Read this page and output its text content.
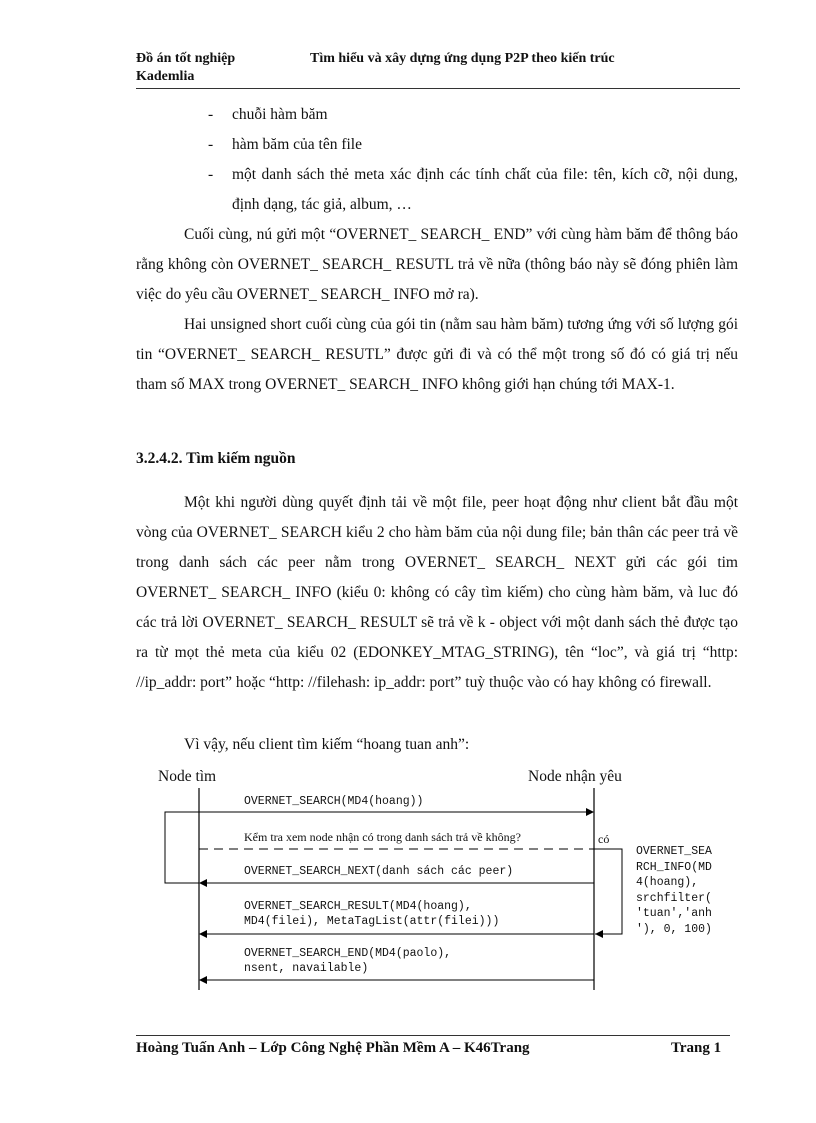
Đồ án tốt nghiệp	Tìm hiểu và xây dựng ứng dụng P2P theo kiến trúc
Kademlia
- chuỗi hàm băm
- hàm băm của tên file
- một danh sách thẻ meta xác định các tính chất của file: tên, kích cỡ, nội dung, định dạng, tác giả, album, …
Cuối cùng, nú gửi một “OVERNET_ SEARCH_ END” với cùng hàm băm để thông báo rằng không còn OVERNET_ SEARCH_ RESUTL trả về nữa (thông báo này sẽ đóng phiên làm việc do yêu cầu OVERNET_ SEARCH_ INFO mở ra).
Hai unsigned short cuối cùng của gói tin (nằm sau hàm băm) tương ứng với số lượng gói tin “OVERNET_ SEARCH_ RESUTL” được gửi đi và có thể một trong số đó có giá trị nếu tham số MAX trong OVERNET_ SEARCH_ INFO không giới hạn chúng tới MAX-1.
3.2.4.2. Tìm kiếm nguồn
Một khi người dùng quyết định tải về một file, peer hoạt động như client bắt đầu một vòng của OVERNET_ SEARCH kiểu 2 cho hàm băm của nội dung file; bản thân các peer trả về trong danh sách các peer nằm trong OVERNET_ SEARCH_ NEXT gửi các gói tim OVERNET_ SEARCH_ INFO (kiểu 0: không có cây tìm kiếm) cho cùng hàm băm, và luc đó các trả lời OVERNET_ SEARCH_ RESULT sẽ trả về k - object với một danh sách thẻ được tạo ra từ mọt thẻ meta của kiểu 02 (EDONKEY_MTAG_STRING), tên “loc”, và giá trị “http: //ip_addr: port” hoặc “http: //filehash: ip_addr: port” tuỳ thuộc vào có hay không có firewall.
Vì vậy, nếu client tìm kiếm “hoang tuan anh”:
Node tìm	Node nhận yêu
OVERNET_SEARCH(MD4(hoang))
Kểm tra xem node nhận có trong danh sách trả về không?	có
OVERNET_SEARCH_NEXT(danh sách các peer)
OVERNET_SEARCH_RESULT(MD4(hoang),
MD4(filei), MetaTagList(attr(filei)))
OVERNET_SEARCH_END(MD4(paolo),
nsent, navailable)
OVERNET_SEA
RCH_INFO(MD
4(hoang),
srchfilter(
'tuan','anh
'), 0, 100)
Hoàng Tuấn Anh – Lớp Công Nghệ Phần Mềm A – K46Trang	Trang 1
